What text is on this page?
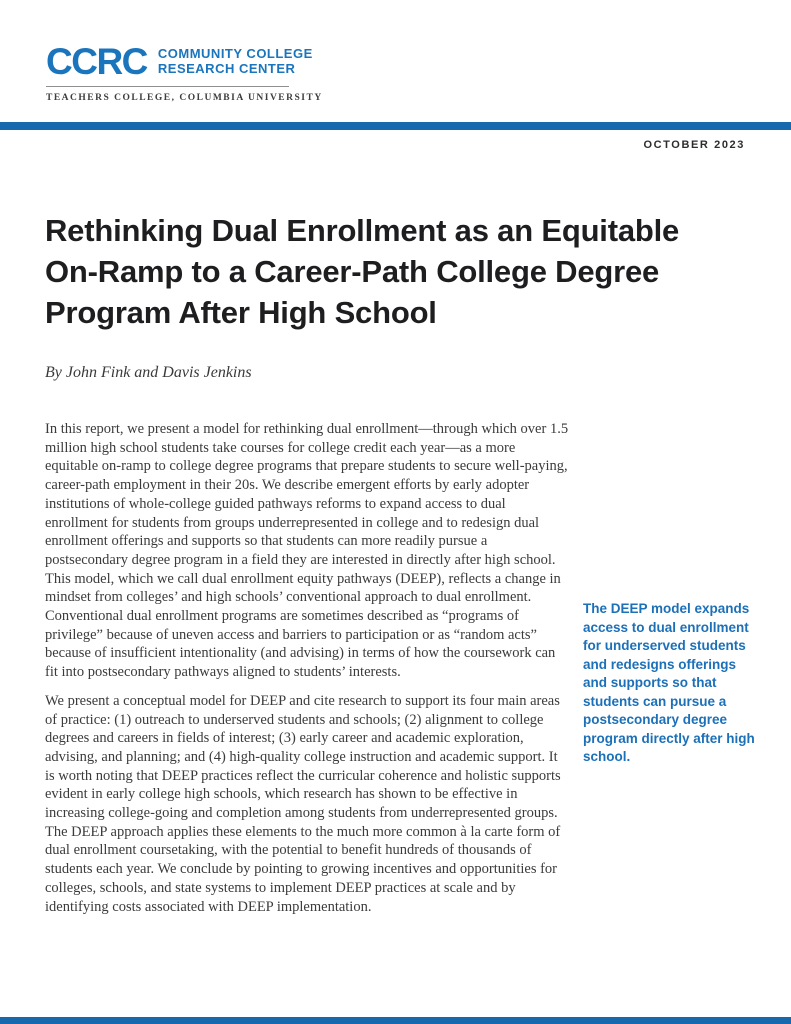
CCRC COMMUNITY COLLEGE
RESEARCH CENTER
TEACHERS COLLEGE, COLUMBIA UNIVERSITY
OCTOBER 2023
Rethinking Dual Enrollment as an Equitable
On-Ramp to a Career-Path College Degree
Program After High School

By John Fink and Davis Jenkins

In this report, we present a model for rethinking dual enrollment—through which over 1.5 million high school students take courses for college credit each year—as a more equitable on-ramp to college degree programs that prepare students to secure well-paying, career-path employment in their 20s. We describe emergent efforts by early adopter institutions of whole-college guided pathways reforms to expand access to dual enrollment for students from groups underrepresented in college and to redesign dual enrollment offerings and supports so that students can more readily pursue a postsecondary degree program in a field they are interested in directly after high school. This model, which we call dual enrollment equity pathways (DEEP), reflects a change in mindset from colleges’ and high schools’ conventional approach to dual enrollment. Conventional dual enrollment programs are sometimes described as “programs of privilege” because of uneven access and barriers to participation or as “random acts” because of insufficient intentionality (and advising) in terms of how the coursework can fit into postsecondary pathways aligned to students’ interests.

We present a conceptual model for DEEP and cite research to support its four main areas of practice: (1) outreach to underserved students and schools; (2) alignment to college degrees and careers in fields of interest; (3) early career and academic exploration, advising, and planning; and (4) high-quality college instruction and academic support. It is worth noting that DEEP practices reflect the curricular coherence and holistic supports evident in early college high schools, which research has shown to be effective in increasing college-going and completion among students from underrepresented groups. The DEEP approach applies these elements to the much more common à la carte form of dual enrollment coursetaking, with the potential to benefit hundreds of thousands of students each year. We conclude by pointing to growing incentives and opportunities for colleges, schools, and state systems to implement DEEP practices at scale and by identifying costs associated with DEEP implementation.

The DEEP model expands access to dual enrollment for underserved students and redesigns offerings and supports so that students can pursue a postsecondary degree program directly after high school.
